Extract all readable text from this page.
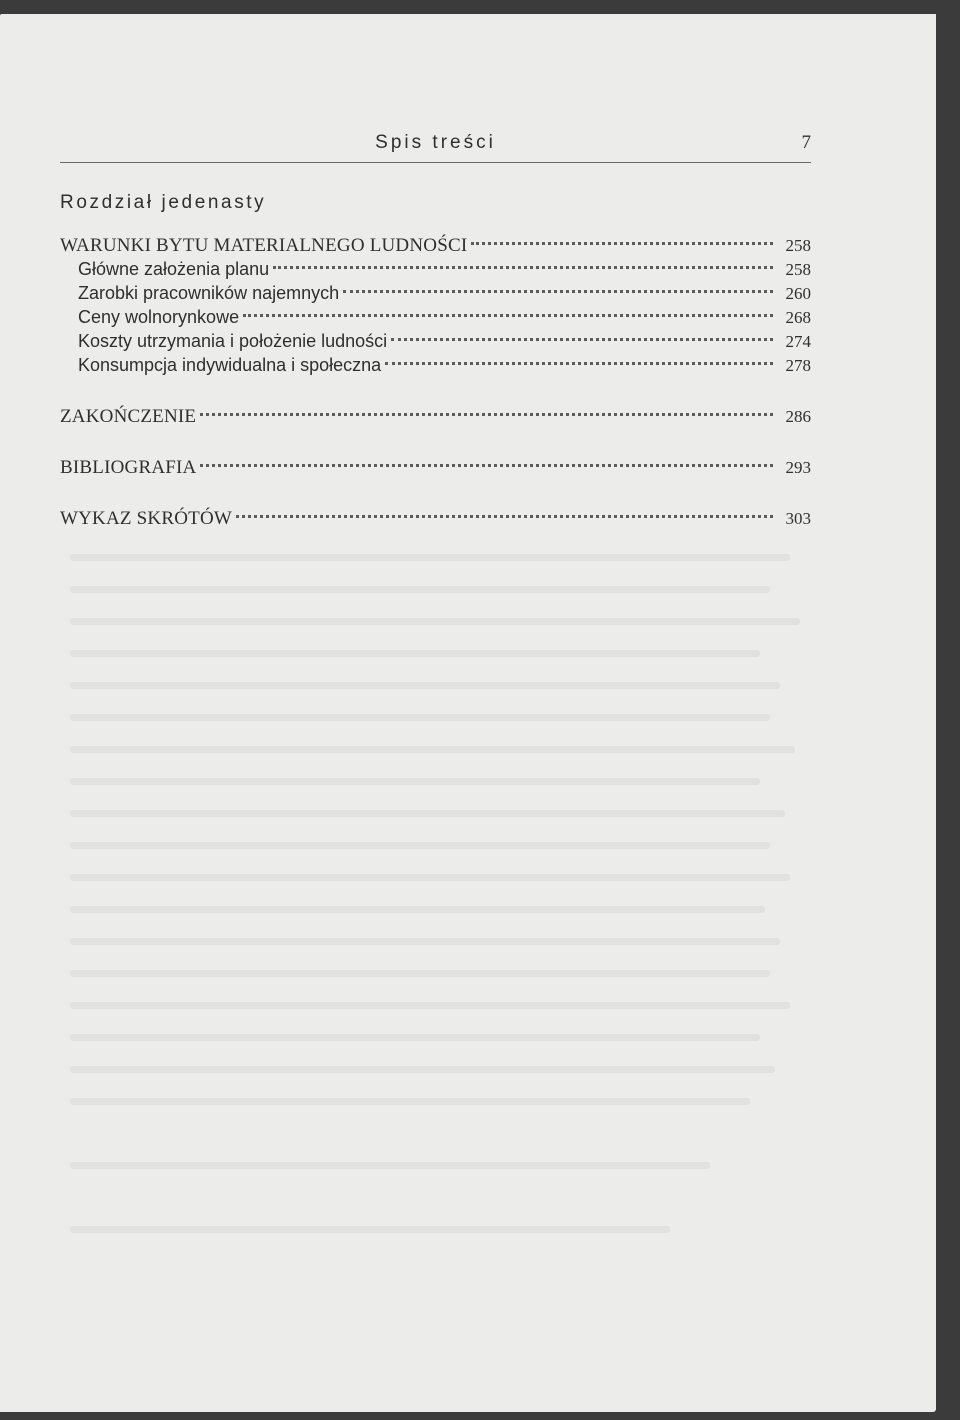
Spis treści	7
Rozdział jedenasty
WARUNKI BYTU MATERIALNEGO LUDNOŚCI	258
Główne założenia planu	258
Zarobki pracowników najemnych	260
Ceny wolnorynkowe	268
Koszty utrzymania i położenie ludności	274
Konsumpcja indywidualna i społeczna	278
ZAKOŃCZENIE	286
BIBLIOGRAFIA	293
WYKAZ SKRÓTÓW	303
